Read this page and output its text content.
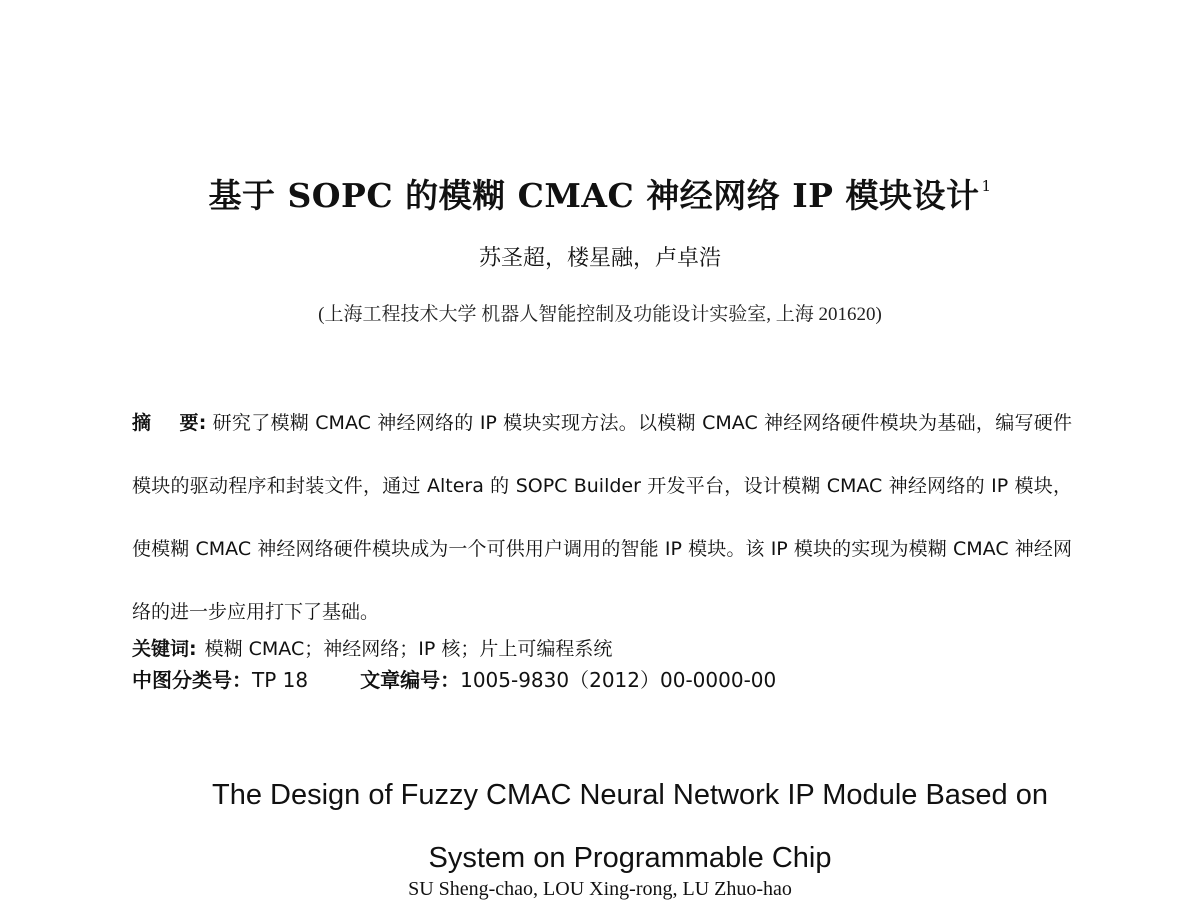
基于 SOPC 的模糊 CMAC 神经网络 IP 模块设计 $^1$
苏圣超，楼星融，卢卓浩
(上海工程技术大学 机器人智能控制及功能设计实验室, 上海 201620)
摘 要: 研究了模糊 CMAC 神经网络的 IP 模块实现方法。以模糊 CMAC 神经网络硬件模块为基础，编写硬件模块的驱动程序和封装文件，通过 Altera 的 SOPC Builder 开发平台，设计模糊 CMAC 神经网络的 IP 模块，使模糊 CMAC 神经网络硬件模块成为一个可供用户调用的智能 IP 模块。该 IP 模块的实现为模糊 CMAC 神经网络的进一步应用打下了基础。
关键词: 模糊 CMAC；神经网络；IP 核；片上可编程系统
中图分类号：TP 18	文章编号：1005-9830（2012）00-0000-00
The Design of Fuzzy CMAC Neural Network IP Module Based on System on Programmable Chip
SU Sheng-chao, LOU Xing-rong, LU Zhuo-hao
